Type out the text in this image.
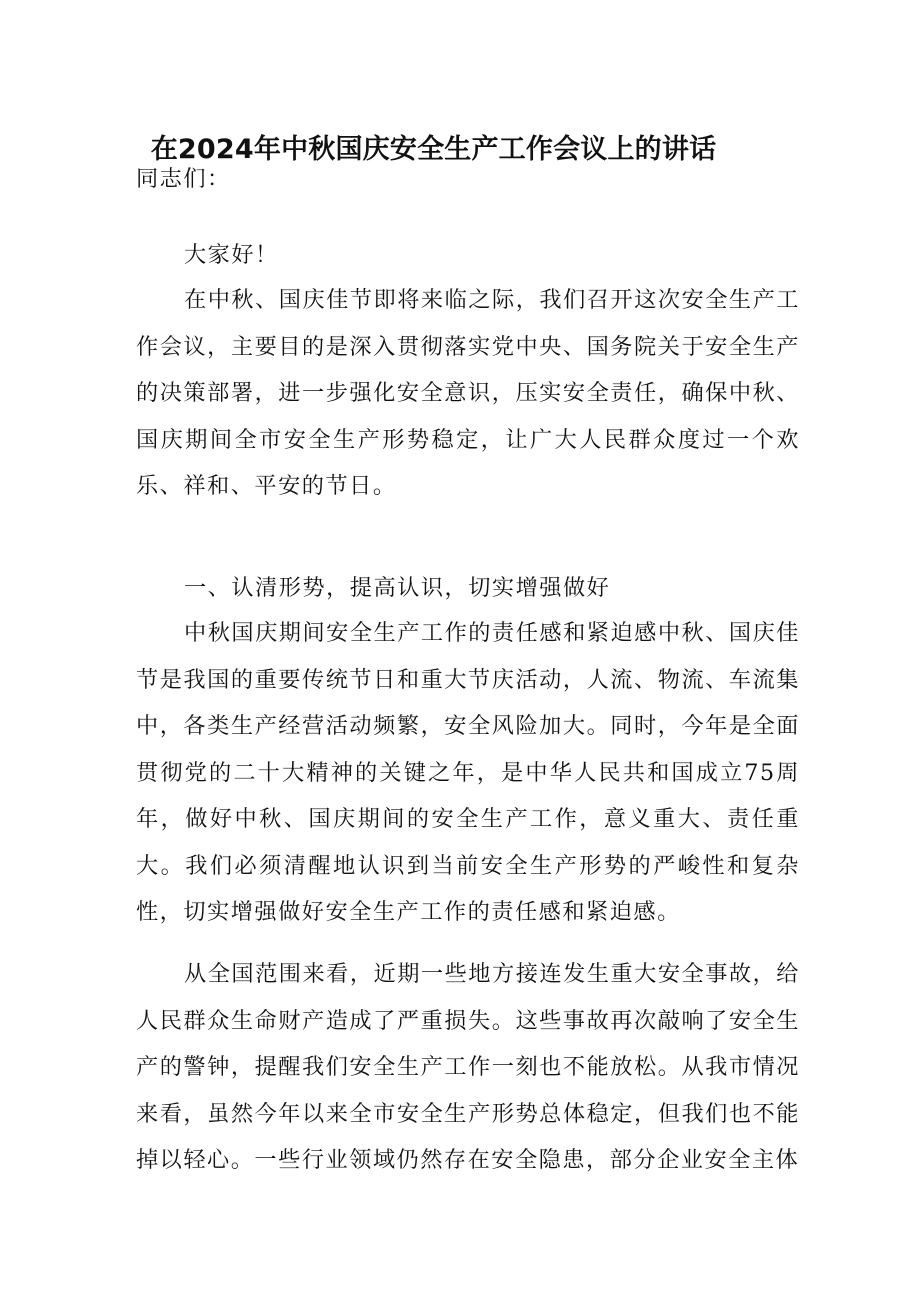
在2024年中秋国庆安全生产工作会议上的讲话

同志们：

大家好！

在中秋、国庆佳节即将来临之际，我们召开这次安全生产工作会议，主要目的是深入贯彻落实党中央、国务院关于安全生产的决策部署，进一步强化安全意识，压实安全责任，确保中秋、国庆期间全市安全生产形势稳定，让广大人民群众度过一个欢乐、祥和、平安的节日。

一、认清形势，提高认识，切实增强做好

中秋国庆期间安全生产工作的责任感和紧迫感中秋、国庆佳节是我国的重要传统节日和重大节庆活动，人流、物流、车流集中，各类生产经营活动频繁，安全风险加大。同时，今年是全面贯彻党的二十大精神的关键之年，是中华人民共和国成立75周年，做好中秋、国庆期间的安全生产工作，意义重大、责任重大。我们必须清醒地认识到当前安全生产形势的严峻性和复杂性，切实增强做好安全生产工作的责任感和紧迫感。

从全国范围来看，近期一些地方接连发生重大安全事故，给人民群众生命财产造成了严重损失。这些事故再次敲响了安全生产的警钟，提醒我们安全生产工作一刻也不能放松。从我市情况来看，虽然今年以来全市安全生产形势总体稳定，但我们也不能掉以轻心。一些行业领域仍然存在安全隐患，部分企业安全主体
